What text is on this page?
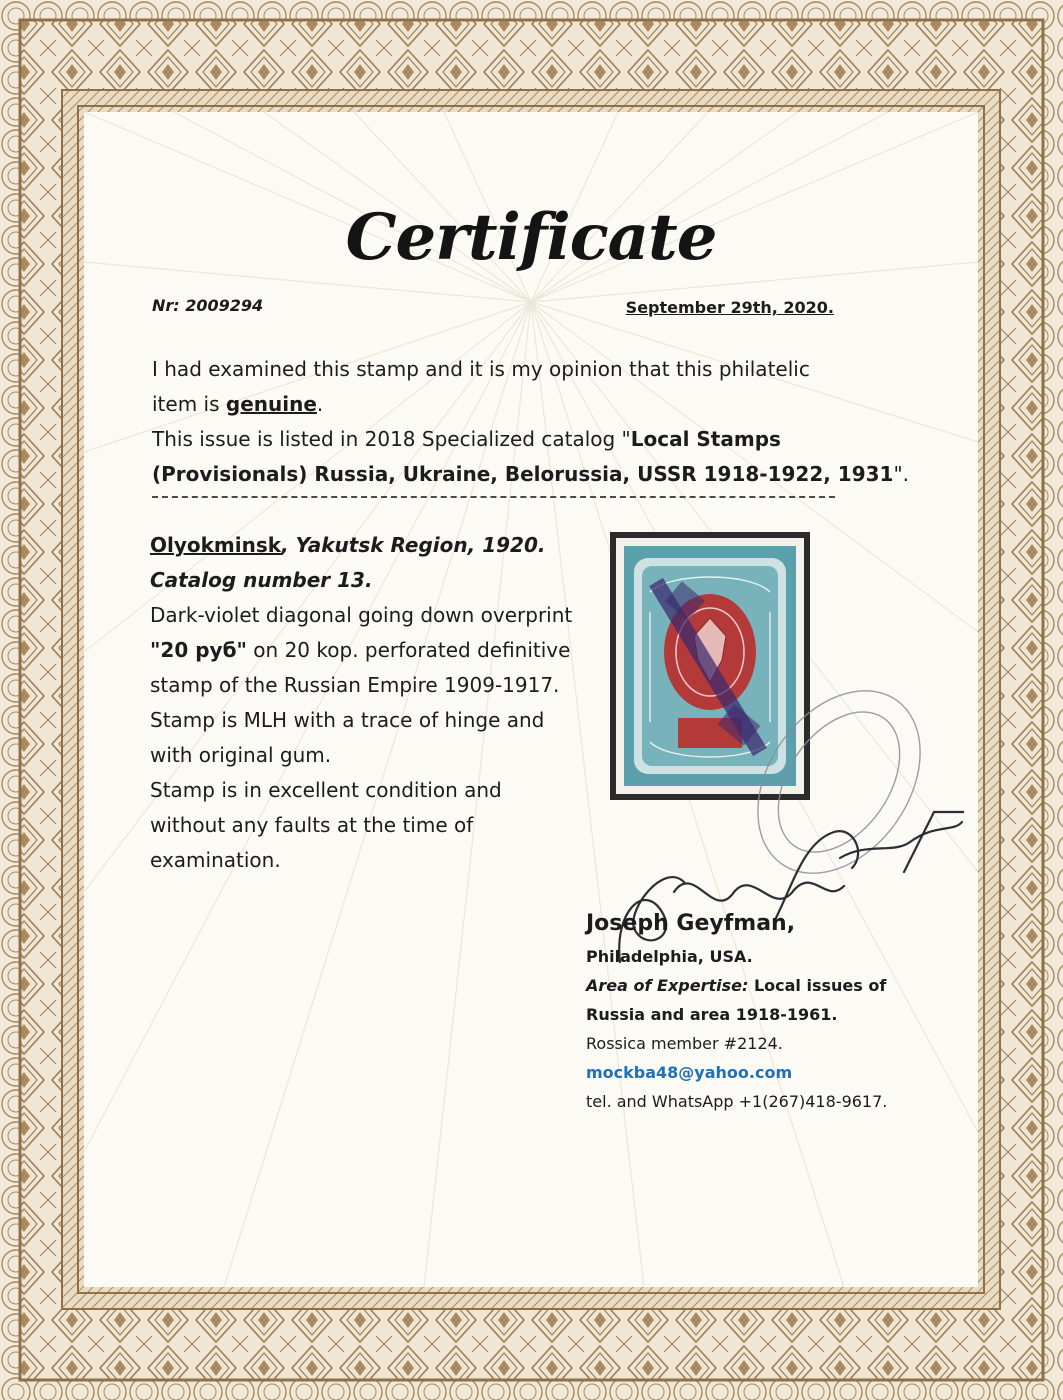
Certificate
Nr: 2009294	September 29th, 2020.
I had examined this stamp and it is my opinion that this philatelic
item is genuine.
This issue is listed in 2018 Specialized catalog "Local Stamps
(Provisionals) Russia, Ukraine, Belorussia, USSR 1918-1922, 1931".
Olyokminsk, Yakutsk Region, 1920.
Catalog number 13.
Dark-violet diagonal going down overprint
"20 руб" on 20 kop. perforated definitive
stamp of the Russian Empire 1909-1917.
Stamp is MLH with a trace of hinge and
with original gum.
Stamp is in excellent condition and
without any faults at the time of
examination.
Joseph Geyfman,
Philadelphia, USA.
Area of Expertise: Local issues of
Russia and area 1918-1961.
Rossica member #2124.
mockba48@yahoo.com
tel. and WhatsApp +1(267)418-9617.
